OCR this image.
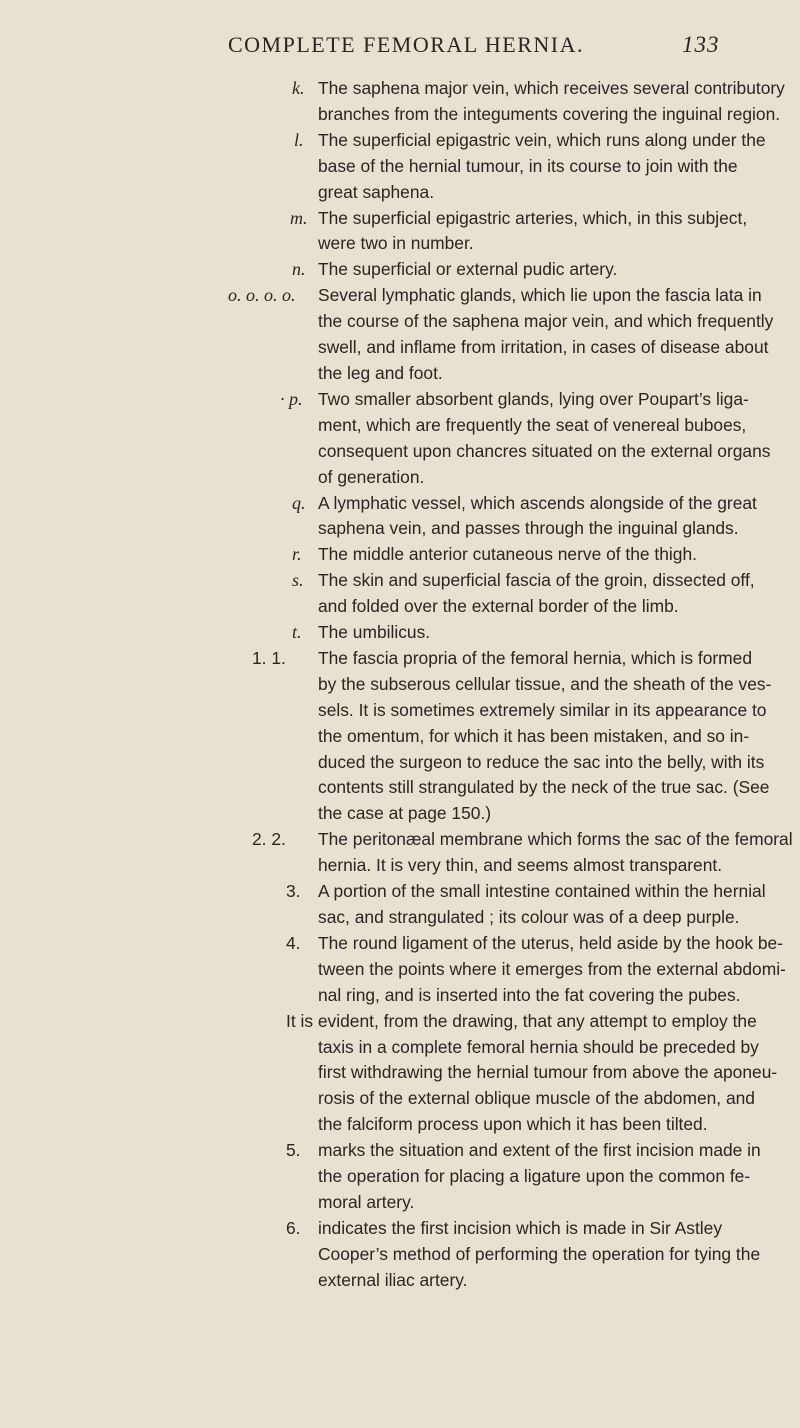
COMPLETE FEMORAL HERNIA.	133
k. The saphena major vein, which receives several contributory
branches from the integuments covering the inguinal region.
l. The superficial epigastric vein, which runs along under the
base of the hernial tumour, in its course to join with the
great saphena.
m. The superficial epigastric arteries, which, in this subject,
were two in number.
n. The superficial or external pudic artery.
o. o. o. o. Several lymphatic glands, which lie upon the fascia lata in
the course of the saphena major vein, and which frequently
swell, and inflame from irritation, in cases of disease about
the leg and foot.
· p. Two smaller absorbent glands, lying over Poupart’s liga-
ment, which are frequently the seat of venereal buboes,
consequent upon chancres situated on the external organs
of generation.
q. A lymphatic vessel, which ascends alongside of the great
saphena vein, and passes through the inguinal glands.
r. The middle anterior cutaneous nerve of the thigh.
s. The skin and superficial fascia of the groin, dissected off,
and folded over the external border of the limb.
t. The umbilicus.
1. 1. The fascia propria of the femoral hernia, which is formed
by the subserous cellular tissue, and the sheath of the ves-
sels. It is sometimes extremely similar in its appearance to
the omentum, for which it has been mistaken, and so in-
duced the surgeon to reduce the sac into the belly, with its
contents still strangulated by the neck of the true sac. (See
the case at page 150.)
2. 2. The peritonæal membrane which forms the sac of the femoral
hernia. It is very thin, and seems almost transparent.
3. A portion of the small intestine contained within the hernial
sac, and strangulated ; its colour was of a deep purple.
4. The round ligament of the uterus, held aside by the hook be-
tween the points where it emerges from the external abdomi-
nal ring, and is inserted into the fat covering the pubes.
It is evident, from the drawing, that any attempt to employ the
taxis in a complete femoral hernia should be preceded by
first withdrawing the hernial tumour from above the aponeu-
rosis of the external oblique muscle of the abdomen, and
the falciform process upon which it has been tilted.
5. marks the situation and extent of the first incision made in
the operation for placing a ligature upon the common fe-
moral artery.
6. indicates the first incision which is made in Sir Astley
Cooper’s method of performing the operation for tying the
external iliac artery.
